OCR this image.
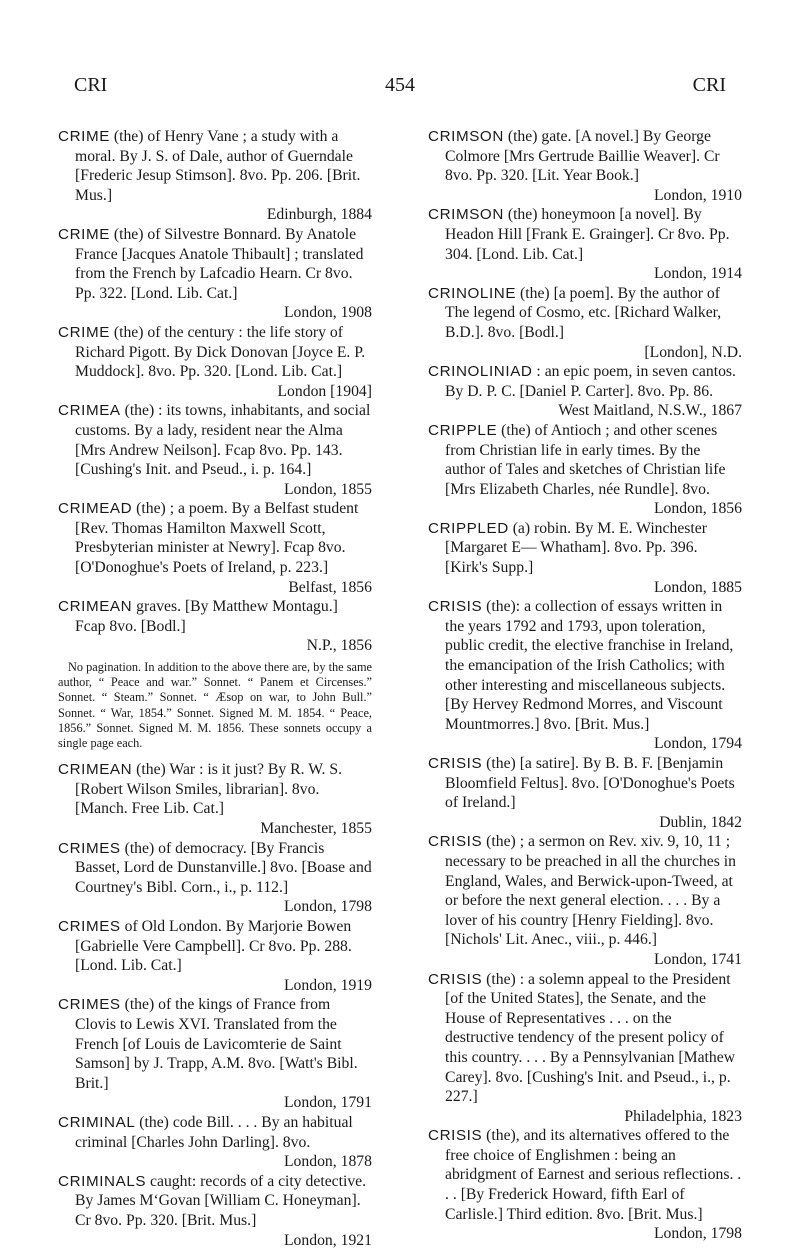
454
CRI	CRI
CRIME (the) of Henry Vane ; a study with a moral. By J. S. of Dale, author of Guerndale [Frederic Jesup Stimson]. 8vo. Pp. 206. [Brit. Mus.]
Edinburgh, 1884
CRIME (the) of Silvestre Bonnard. By Anatole France [Jacques Anatole Thibault] ; translated from the French by Lafcadio Hearn. Cr 8vo. Pp. 322. [Lond. Lib. Cat.]
London, 1908
CRIME (the) of the century : the life story of Richard Pigott. By Dick Donovan [Joyce E. P. Muddock]. 8vo. Pp. 320. [Lond. Lib. Cat.]
London [1904]
CRIMEA (the) : its towns, inhabitants, and social customs. By a lady, resident near the Alma [Mrs Andrew Neilson]. Fcap 8vo. Pp. 143. [Cushing's Init. and Pseud., i. p. 164.]
London, 1855
CRIMEAD (the) ; a poem. By a Belfast student [Rev. Thomas Hamilton Maxwell Scott, Presbyterian minister at Newry]. Fcap 8vo. [O'Donoghue's Poets of Ireland, p. 223.]
Belfast, 1856
CRIMEAN graves. [By Matthew Montagu.] Fcap 8vo. [Bodl.]
N.P., 1856
No pagination. In addition to the above there are, by the same author, “ Peace and war.” Sonnet. “ Panem et Circenses.” Sonnet. “ Steam.” Sonnet. “ Æsop on war, to John Bull.” Sonnet. “ War, 1854.” Sonnet. Signed M. M. 1854. “ Peace, 1856.” Sonnet. Signed M. M. 1856. These sonnets occupy a single page each.
CRIMEAN (the) War : is it just? By R. W. S. [Robert Wilson Smiles, librarian]. 8vo. [Manch. Free Lib. Cat.]
Manchester, 1855
CRIMES (the) of democracy. [By Francis Basset, Lord de Dunstanville.] 8vo. [Boase and Courtney's Bibl. Corn., i., p. 112.]
London, 1798
CRIMES of Old London. By Marjorie Bowen [Gabrielle Vere Campbell]. Cr 8vo. Pp. 288. [Lond. Lib. Cat.]
London, 1919
CRIMES (the) of the kings of France from Clovis to Lewis XVI. Translated from the French [of Louis de Lavicomterie de Saint Samson] by J. Trapp, A.M. 8vo. [Watt's Bibl. Brit.]
London, 1791
CRIMINAL (the) code Bill. . . . By an habitual criminal [Charles John Darling]. 8vo.
London, 1878
CRIMINALS caught: records of a city detective. By James M‘Govan [William C. Honeyman]. Cr 8vo. Pp. 320. [Brit. Mus.]
London, 1921
CRIMSON (the) gate. [A novel.] By George Colmore [Mrs Gertrude Baillie Weaver]. Cr 8vo. Pp. 320. [Lit. Year Book.]
London, 1910
CRIMSON (the) honeymoon [a novel]. By Headon Hill [Frank E. Grainger]. Cr 8vo. Pp. 304. [Lond. Lib. Cat.]
London, 1914
CRINOLINE (the) [a poem]. By the author of The legend of Cosmo, etc. [Richard Walker, B.D.]. 8vo. [Bodl.]
[London], N.D.
CRINOLINIAD : an epic poem, in seven cantos. By D. P. C. [Daniel P. Carter]. 8vo. Pp. 86.
West Maitland, N.S.W., 1867
CRIPPLE (the) of Antioch ; and other scenes from Christian life in early times. By the author of Tales and sketches of Christian life [Mrs Elizabeth Charles, née Rundle]. 8vo.
London, 1856
CRIPPLED (a) robin. By M. E. Winchester [Margaret E— Whatham]. 8vo. Pp. 396. [Kirk's Supp.]
London, 1885
CRISIS (the): a collection of essays written in the years 1792 and 1793, upon toleration, public credit, the elective franchise in Ireland, the emancipation of the Irish Catholics; with other interesting and miscellaneous subjects. [By Hervey Redmond Morres, and Viscount Mountmorres.] 8vo. [Brit. Mus.]
London, 1794
CRISIS (the) [a satire]. By B. B. F. [Benjamin Bloomfield Feltus]. 8vo. [O'Donoghue's Poets of Ireland.]
Dublin, 1842
CRISIS (the) ; a sermon on Rev. xiv. 9, 10, 11 ; necessary to be preached in all the churches in England, Wales, and Berwick-upon-Tweed, at or before the next general election. . . . By a lover of his country [Henry Fielding]. 8vo. [Nichols' Lit. Anec., viii., p. 446.]
London, 1741
CRISIS (the) : a solemn appeal to the President [of the United States], the Senate, and the House of Representatives . . . on the destructive tendency of the present policy of this country. . . . By a Pennsylvanian [Mathew Carey]. 8vo. [Cushing's Init. and Pseud., i., p. 227.]
Philadelphia, 1823
CRISIS (the), and its alternatives offered to the free choice of Englishmen : being an abridgment of Earnest and serious reflections. . . . [By Frederick Howard, fifth Earl of Carlisle.] Third edition. 8vo. [Brit. Mus.]
London, 1798
